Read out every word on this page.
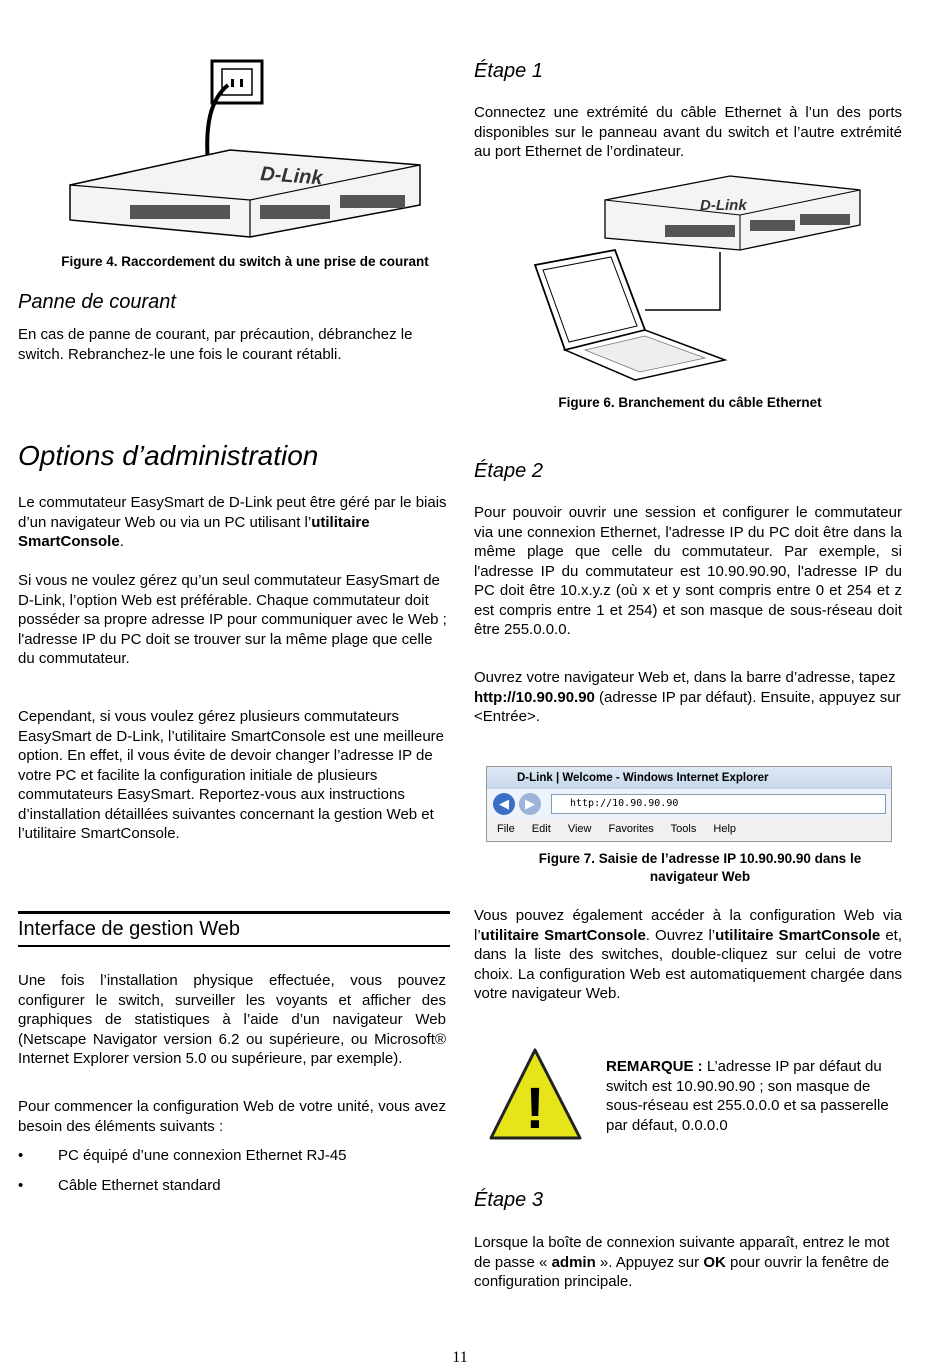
D-Link
D-Link
Figure 4. Raccordement du switch à une prise de courant
Panne de courant

En cas de panne de courant, par précaution, débranchez le switch. Rebranchez-le une fois le courant rétabli.

Options d’administration

Le commutateur EasySmart de D-Link peut être géré par le biais d’un navigateur Web ou via un PC utilisant l’utilitaire SmartConsole.

Si vous ne voulez gérez qu’un seul commutateur EasySmart de D-Link, l’option Web est préférable. Chaque commutateur doit posséder sa propre adresse IP pour communiquer avec le Web ; l'adresse IP du PC doit se trouver sur la même plage que celle du commutateur.

Cependant, si vous voulez gérez plusieurs commutateurs EasySmart de D-Link, l’utilitaire SmartConsole est une meilleure option. En effet, il vous évite de devoir changer l’adresse IP de votre PC et facilite la configuration initiale de plusieurs commutateurs EasySmart. Reportez-vous aux instructions d’installation détaillées suivantes concernant la gestion Web et l’utilitaire SmartConsole.

Interface de gestion Web

Une fois l’installation physique effectuée, vous pouvez configurer le switch, surveiller les voyants et afficher des graphiques de statistiques à l’aide d’un navigateur Web (Netscape Navigator version 6.2 ou supérieure, ou Microsoft® Internet Explorer version 5.0 ou supérieure, par exemple).

Pour commencer la configuration Web de votre unité, vous avez besoin des éléments suivants :

•	PC équipé d’une connexion Ethernet RJ-45
•	Câble Ethernet standard
Étape 1

Connectez une extrémité du câble Ethernet à l’un des ports disponibles sur le panneau avant du switch et l’autre extrémité au port Ethernet de l’ordinateur.

Figure 6. Branchement du câble Ethernet
Étape 2

Pour pouvoir ouvrir une session et configurer le commutateur via une connexion Ethernet, l'adresse IP du PC doit être dans la même plage que celle du commutateur. Par exemple, si l'adresse IP du commutateur est 10.90.90.90, l'adresse IP du PC doit être 10.x.y.z (où x et y sont compris entre 0 et 254 et z est compris entre 1 et 254) et son masque de sous-réseau doit être 255.0.0.0.

Ouvrez votre navigateur Web et, dans la barre d’adresse, tapez http://10.90.90.90 (adresse IP par défaut). Ensuite, appuyez sur <Entrée>.

D-Link | Welcome - Windows Internet Explorer
◀	▶	http://10.90.90.90
File Edit View Favorites Tools Help
Figure 7. Saisie de l’adresse IP 10.90.90.90 dans le
navigateur Web

Vous pouvez également accéder à la configuration Web via l’utilitaire SmartConsole. Ouvrez l’utilitaire SmartConsole et, dans la liste des switches, double-cliquez sur celui de votre choix. La configuration Web est automatiquement chargée dans votre navigateur Web.

!

REMARQUE : L’adresse IP par défaut du switch est 10.90.90.90 ; son masque de sous-réseau est 255.0.0.0 et sa passerelle par défaut, 0.0.0.0

Étape 3

Lorsque la boîte de connexion suivante apparaît, entrez le mot de passe « admin ». Appuyez sur OK pour ouvrir la fenêtre de configuration principale.

11
